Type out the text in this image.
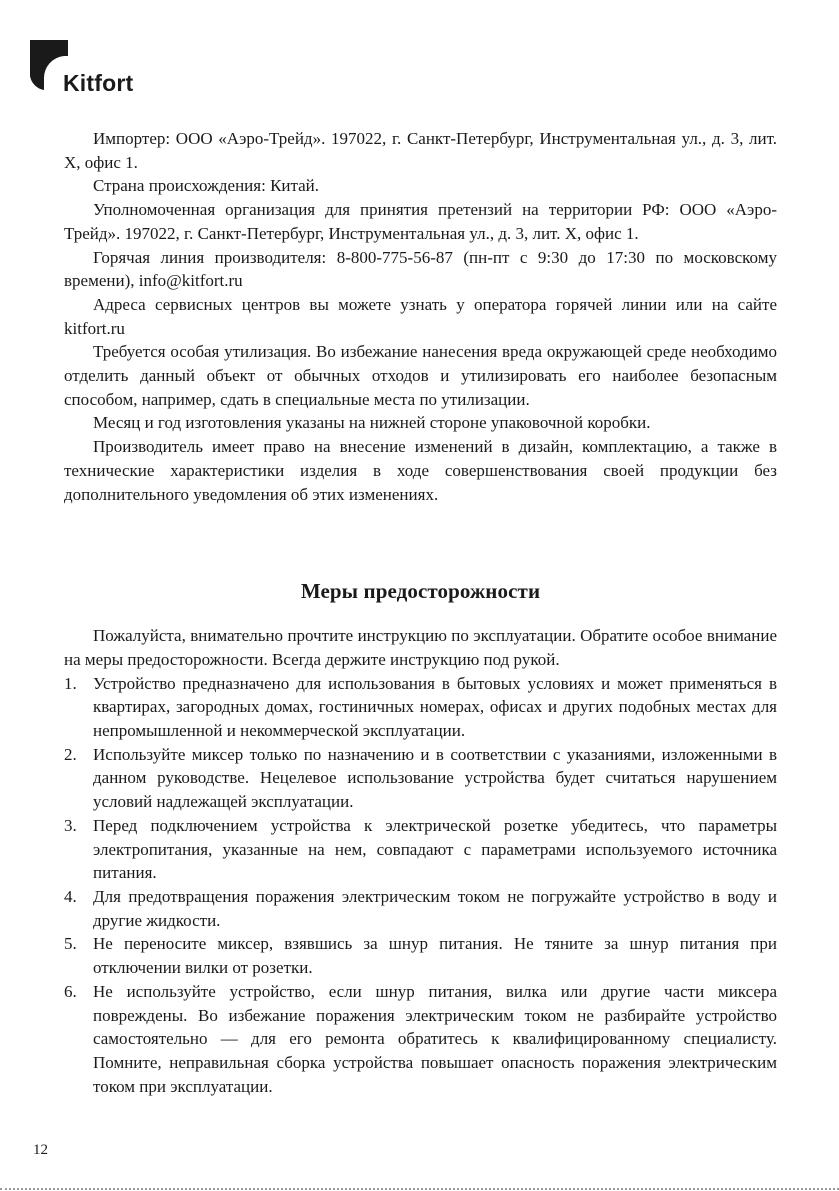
Kitfort

Импортер: ООО «Аэро-Трейд». 197022, г. Санкт-Петербург, Инструментальная ул., д. 3, лит. Х, офис 1.

Страна происхождения: Китай.

Уполномоченная организация для принятия претензий на территории РФ: ООО «Аэро-Трейд». 197022, г. Санкт-Петербург, Инструментальная ул., д. 3, лит. Х, офис 1.

Горячая линия производителя: 8-800-775-56-87 (пн-пт с 9:30 до 17:30 по московскому времени), info@kitfort.ru

Адреса сервисных центров вы можете узнать у оператора горячей линии или на сайте kitfort.ru

Требуется особая утилизация. Во избежание нанесения вреда окружающей среде необходимо отделить данный объект от обычных отходов и утилизировать его наиболее безопасным способом, например, сдать в специальные места по утилизации.

Месяц и год изготовления указаны на нижней стороне упаковочной коробки.

Производитель имеет право на внесение изменений в дизайн, комплектацию, а также в технические характеристики изделия в ходе совершенствования своей продукции без дополнительного уведомления об этих изменениях.

Меры предосторожности

Пожалуйста, внимательно прочтите инструкцию по эксплуатации. Обратите особое внимание на меры предосторожности. Всегда держите инструкцию под рукой.

1. Устройство предназначено для использования в бытовых условиях и может применяться в квартирах, загородных домах, гостиничных номерах, офисах и других подобных местах для непромышленной и некоммерческой эксплуатации.
2. Используйте миксер только по назначению и в соответствии с указаниями, изложенными в данном руководстве. Нецелевое использование устройства будет считаться нарушением условий надлежащей эксплуатации.
3. Перед подключением устройства к электрической розетке убедитесь, что параметры электропитания, указанные на нем, совпадают с параметрами используемого источника питания.
4. Для предотвращения поражения электрическим током не погружайте устройство в воду и другие жидкости.
5. Не переносите миксер, взявшись за шнур питания. Не тяните за шнур питания при отключении вилки от розетки.
6. Не используйте устройство, если шнур питания, вилка или другие части миксера повреждены. Во избежание поражения электрическим током не разбирайте устройство самостоятельно — для его ремонта обратитесь к квалифицированному специалисту. Помните, неправильная сборка устройства повышает опасность поражения электрическим током при эксплуатации.
12
